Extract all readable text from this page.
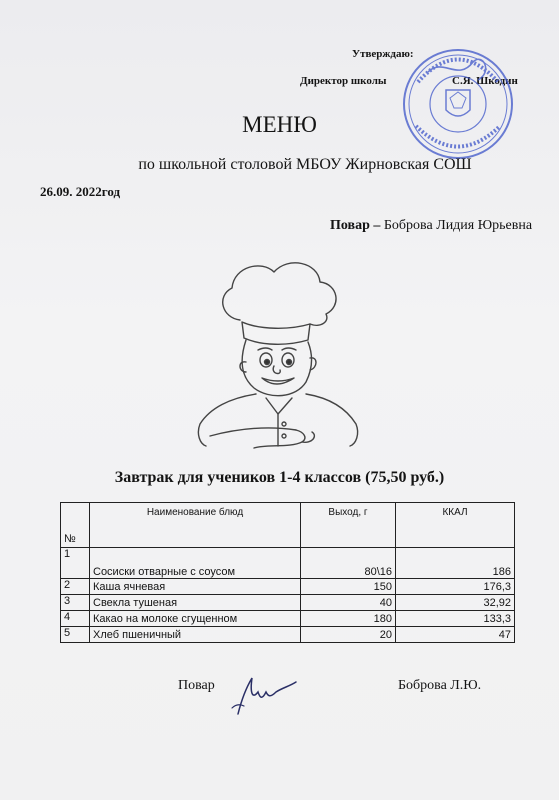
Утверждаю:
Директор школы	С.Я. Шкодин
МЕНЮ
по школьной столовой МБОУ Жирновская СОШ
26.09. 2022год
Повар – Боброва Лидия Юрьевна
Завтрак для учеников 1-4 классов (75,50 руб.)
№	Наименование блюд	Выход, г	ККАЛ
1	Сосиски отварные с соусом	80\16	186
2	Каша ячневая	150	176,3
3	Свекла тушеная	40	32,92
4	Какао на молоке сгущенном	180	133,3
5	Хлеб пшеничный	20	47
Повар	Боброва Л.Ю.
